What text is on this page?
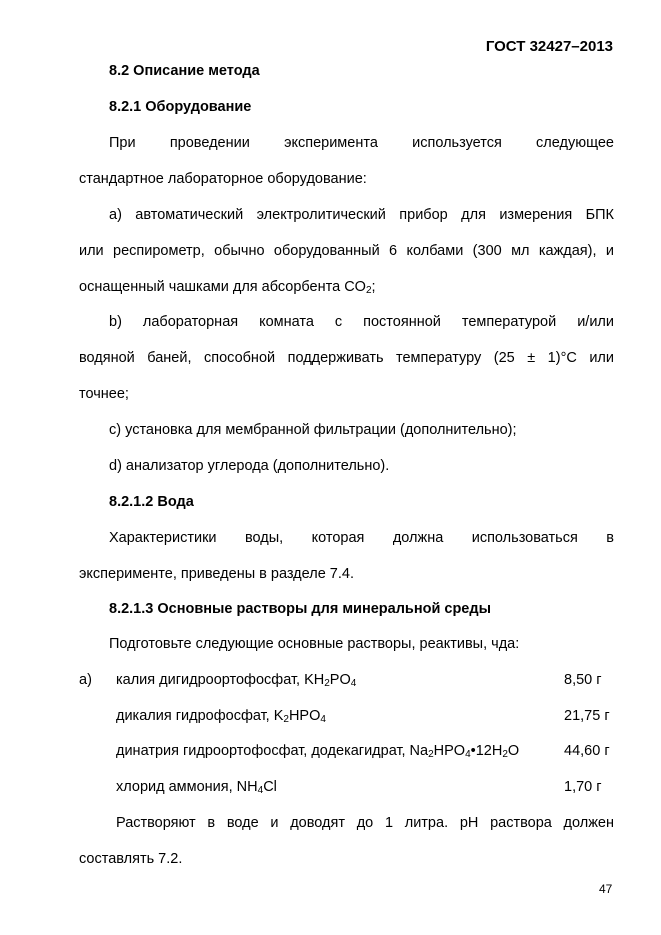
ГОСТ 32427–2013
8.2 Описание метода
8.2.1 Оборудование
При проведении эксперимента используется следующее
стандартное лабораторное оборудование:
а) автоматический электролитический прибор для измерения БПК
или респирометр, обычно оборудованный 6 колбами (300 мл каждая), и
оснащенный чашками для абсорбента $CO_2$;
b) лабораторная комната с постоянной температурой и/или
водяной баней, способной поддерживать температуру (25 ± 1)°С или
точнее;
c) установка для мембранной фильтрации (дополнительно);
d) анализатор углерода (дополнительно).
8.2.1.2 Вода
Характеристики воды, которая должна использоваться в
эксперименте, приведены в разделе 7.4.
8.2.1.3 Основные растворы для минеральной среды
Подготовьте следующие основные растворы, реактивы, чда:
а) калия дигидроортофосфат, $KH_2PO_4$	8,50 г
дикалия гидрофосфат, $K_2HPO_4$	21,75 г
динатрия гидроортофосфат, додекагидрат, $Na_2HPO_4•12H_2O$	44,60 г
хлорид аммония, $NH_4Cl$	1,70 г
Растворяют в воде и доводят до 1 литра. pH раствора должен
составлять 7.2.
47
